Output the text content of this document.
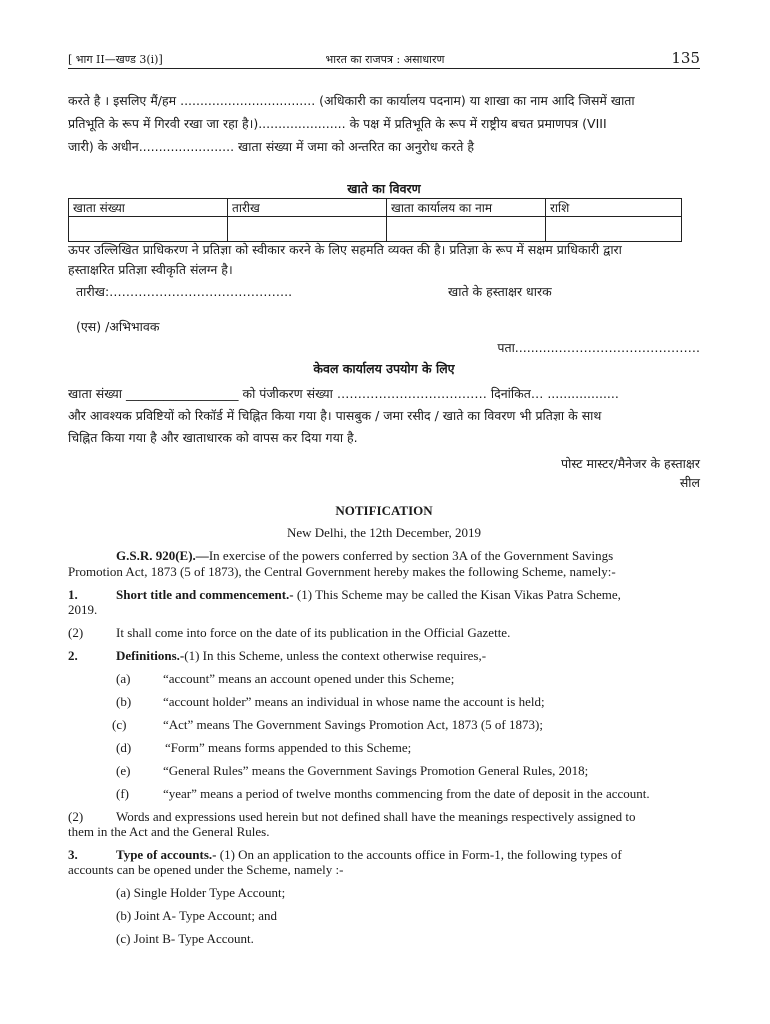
[ भाग II—खण्ड 3(i)]	भारत का राजपत्र : असाधारण	135
करते है । इसलिए मैं/हम .................................. (अधिकारी का कार्यालय पदनाम) या शाखा का नाम आदि जिसमें खाता
प्रतिभूति के रूप में गिरवी रखा जा रहा है।)...................... के पक्ष में प्रतिभूति के रूप में राष्ट्रीय बचत प्रमाणपत्र (VIII
जारी) के अधीन........................ खाता संख्या में जमा को अन्तरित का अनुरोध करते है
खाते का विवरण
खाता संख्या	तारीख	खाता कार्यालय का नाम	राशि

ऊपर उल्लिखित प्राधिकरण ने प्रतिज्ञा को स्वीकार करने के लिए सहमति व्यक्त की है। प्रतिज्ञा के रूप में सक्षम प्राधिकारी द्वारा
हस्ताक्षरित प्रतिज्ञा स्वीकृति संलग्न है।
तारीख:……………………………………..	खाते के हस्ताक्षर धारक
(एस) /अभिभावक
पता...........…………………………….
केवल कार्यालय उपयोग के लिए
खाता संख्या __________________ को पंजीकरण संख्या ……………………………… दिनांकित… ..................
और आवश्यक प्रविष्टियों को रिकॉर्ड में चिह्नित किया गया है। पासबुक / जमा रसीद / खाते का विवरण भी प्रतिज्ञा के साथ
चिह्नित किया गया है और खाताधारक को वापस कर दिया गया है.
पोस्ट मास्टर/मैनेजर के हस्ताक्षर
सील
NOTIFICATION
New Delhi, the 12th December, 2019
G.S.R. 920(E).—In exercise of the powers conferred by section 3A of the Government Savings
Promotion Act, 1873 (5 of 1873), the Central Government hereby makes the following Scheme, namely:-
1.	Short title and commencement.- (1) This Scheme may be called the Kisan Vikas Patra Scheme,
2019.
(2)	It shall come into force on the date of its publication in the Official Gazette.
2.	Definitions.-(1) In this Scheme, unless the context otherwise requires,-
(a)	“account” means an account opened under this Scheme;
(b) “account holder” means an individual in whose name the account is held;
(c)	“Act” means The Government Savings Promotion Act, 1873 (5 of 1873);
(d)	“Form” means forms appended to this Scheme;
(e)	“General Rules” means the Government Savings Promotion General Rules, 2018;
(f)	“year” means a period of twelve months commencing from the date of deposit in the account.
(2)	Words and expressions used herein but not defined shall have the meanings respectively assigned to
them in the Act and the General Rules.
3.	Type of accounts.- (1) On an application to the accounts office in Form-1, the following types of
accounts can be opened under the Scheme, namely :-
(a) Single Holder Type Account;
(b) Joint A- Type Account; and
(c) Joint B- Type Account.
